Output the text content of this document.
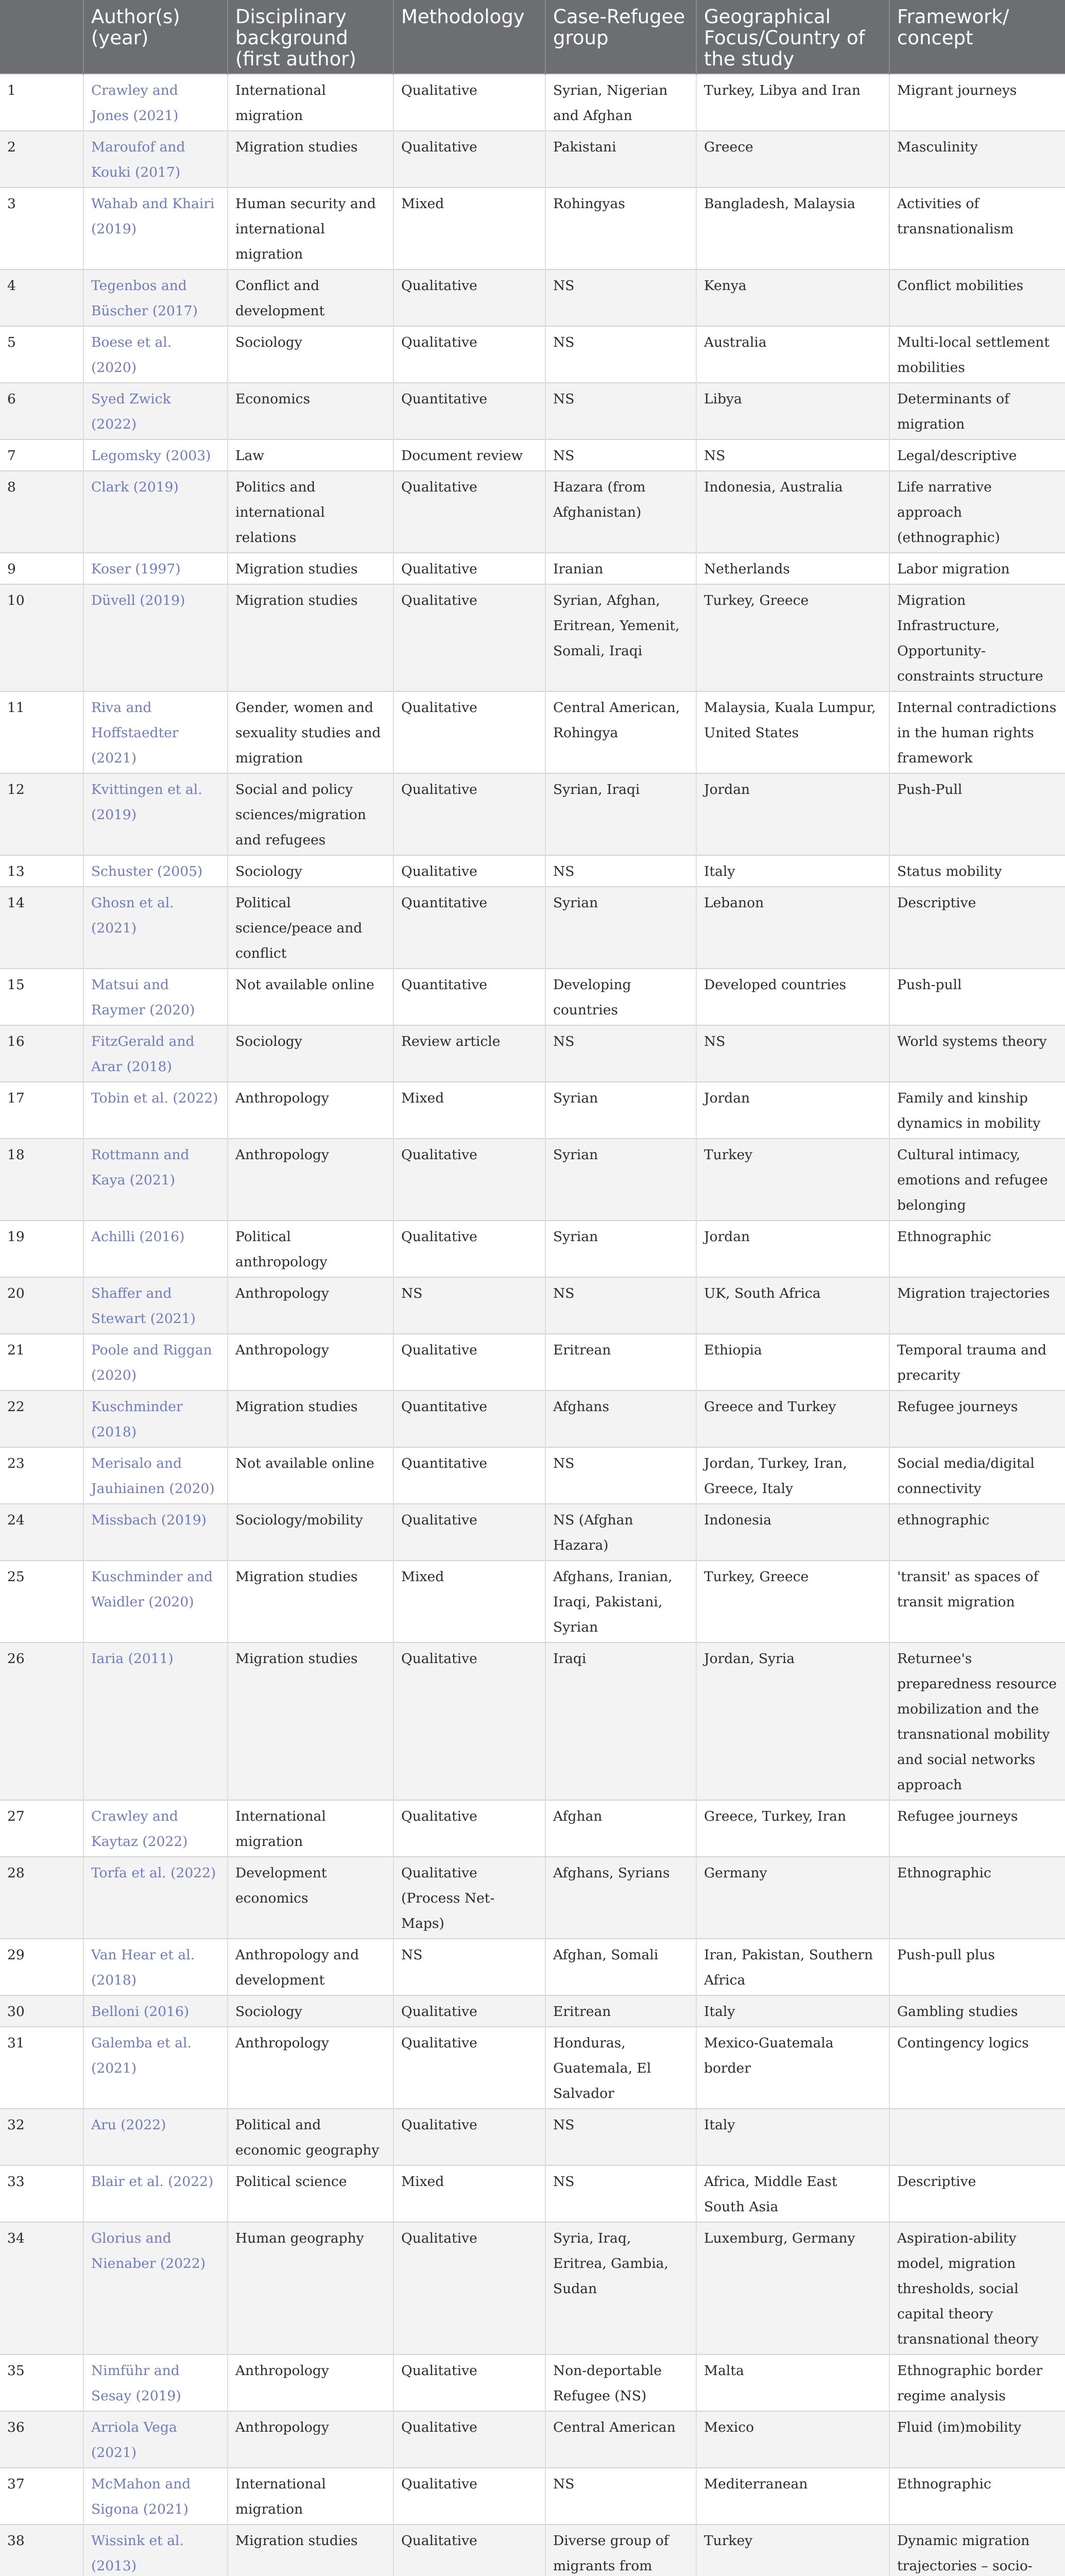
	Author(s) (year)	Disciplinary background (first author)	Methodology	Case-Refugee group	Geographical Focus/Country of the study	Framework/ concept
1	Crawley and Jones (2021)	International migration	Qualitative	Syrian, Nigerian and Afghan	Turkey, Libya and Iran	Migrant journeys
2	Maroufof and Kouki (2017)	Migration studies	Qualitative	Pakistani	Greece	Masculinity
3	Wahab and Khairi (2019)	Human security and international migration	Mixed	Rohingyas	Bangladesh, Malaysia	Activities of transnationalism
4	Tegenbos and Büscher (2017)	Conflict and development	Qualitative	NS	Kenya	Conflict mobilities
5	Boese et al. (2020)	Sociology	Qualitative	NS	Australia	Multi-local settlement mobilities
6	Syed Zwick (2022)	Economics	Quantitative	NS	Libya	Determinants of migration
7	Legomsky (2003)	Law	Document review	NS	NS	Legal/descriptive
8	Clark (2019)	Politics and international relations	Qualitative	Hazara (from Afghanistan)	Indonesia, Australia	Life narrative approach (ethnographic)
9	Koser (1997)	Migration studies	Qualitative	Iranian	Netherlands	Labor migration
10	Düvell (2019)	Migration studies	Qualitative	Syrian, Afghan, Eritrean, Yemenit, Somali, Iraqi	Turkey, Greece	Migration Infrastructure, Opportunity-constraints structure
11	Riva and Hoffstaedter (2021)	Gender, women and sexuality studies and migration	Qualitative	Central American, Rohingya	Malaysia, Kuala Lumpur, United States	Internal contradictions in the human rights framework
12	Kvittingen et al. (2019)	Social and policy sciences/migration and refugees	Qualitative	Syrian, Iraqi	Jordan	Push-Pull
13	Schuster (2005)	Sociology	Qualitative	NS	Italy	Status mobility
14	Ghosn et al. (2021)	Political science/peace and conflict	Quantitative	Syrian	Lebanon	Descriptive
15	Matsui and Raymer (2020)	Not available online	Quantitative	Developing countries	Developed countries	Push-pull
16	FitzGerald and Arar (2018)	Sociology	Review article	NS	NS	World systems theory
17	Tobin et al. (2022)	Anthropology	Mixed	Syrian	Jordan	Family and kinship dynamics in mobility
18	Rottmann and Kaya (2021)	Anthropology	Qualitative	Syrian	Turkey	Cultural intimacy, emotions and refugee belonging
19	Achilli (2016)	Political anthropology	Qualitative	Syrian	Jordan	Ethnographic
20	Shaffer and Stewart (2021)	Anthropology	NS	NS	UK, South Africa	Migration trajectories
21	Poole and Riggan (2020)	Anthropology	Qualitative	Eritrean	Ethiopia	Temporal trauma and precarity
22	Kuschminder (2018)	Migration studies	Quantitative	Afghans	Greece and Turkey	Refugee journeys
23	Merisalo and Jauhiainen (2020)	Not available online	Quantitative	NS	Jordan, Turkey, Iran, Greece, Italy	Social media/digital connectivity
24	Missbach (2019)	Sociology/mobility	Qualitative	NS (Afghan Hazara)	Indonesia	ethnographic
25	Kuschminder and Waidler (2020)	Migration studies	Mixed	Afghans, Iranian, Iraqi, Pakistani, Syrian	Turkey, Greece	'transit' as spaces of transit migration
26	Iaria (2011)	Migration studies	Qualitative	Iraqi	Jordan, Syria	Returnee's preparedness resource mobilization and the transnational mobility and social networks approach
27	Crawley and Kaytaz (2022)	International migration	Qualitative	Afghan	Greece, Turkey, Iran	Refugee journeys
28	Torfa et al. (2022)	Development economics	Qualitative (Process Net-Maps)	Afghans, Syrians	Germany	Ethnographic
29	Van Hear et al. (2018)	Anthropology and development	NS	Afghan, Somali	Iran, Pakistan, Southern Africa	Push-pull plus
30	Belloni (2016)	Sociology	Qualitative	Eritrean	Italy	Gambling studies
31	Galemba et al. (2021)	Anthropology	Qualitative	Honduras, Guatemala, El Salvador	Mexico-Guatemala border	Contingency logics
32	Aru (2022)	Political and economic geography	Qualitative	NS	Italy	
33	Blair et al. (2022)	Political science	Mixed	NS	Africa, Middle East South Asia	Descriptive
34	Glorius and Nienaber (2022)	Human geography	Qualitative	Syria, Iraq, Eritrea, Gambia, Sudan	Luxemburg, Germany	Aspiration-ability model, migration thresholds, social capital theory transnational theory
35	Nimführ and Sesay (2019)	Anthropology	Qualitative	Non-deportable Refugee (NS)	Malta	Ethnographic border regime analysis
36	Arriola Vega (2021)	Anthropology	Qualitative	Central American	Mexico	Fluid (im)mobility
37	McMahon and Sigona (2021)	International migration	Qualitative	NS	Mediterranean	Ethnographic
38	Wissink et al. (2013)	Migration studies	Qualitative	Diverse group of migrants from	Turkey	Dynamic migration trajectories – socio-
